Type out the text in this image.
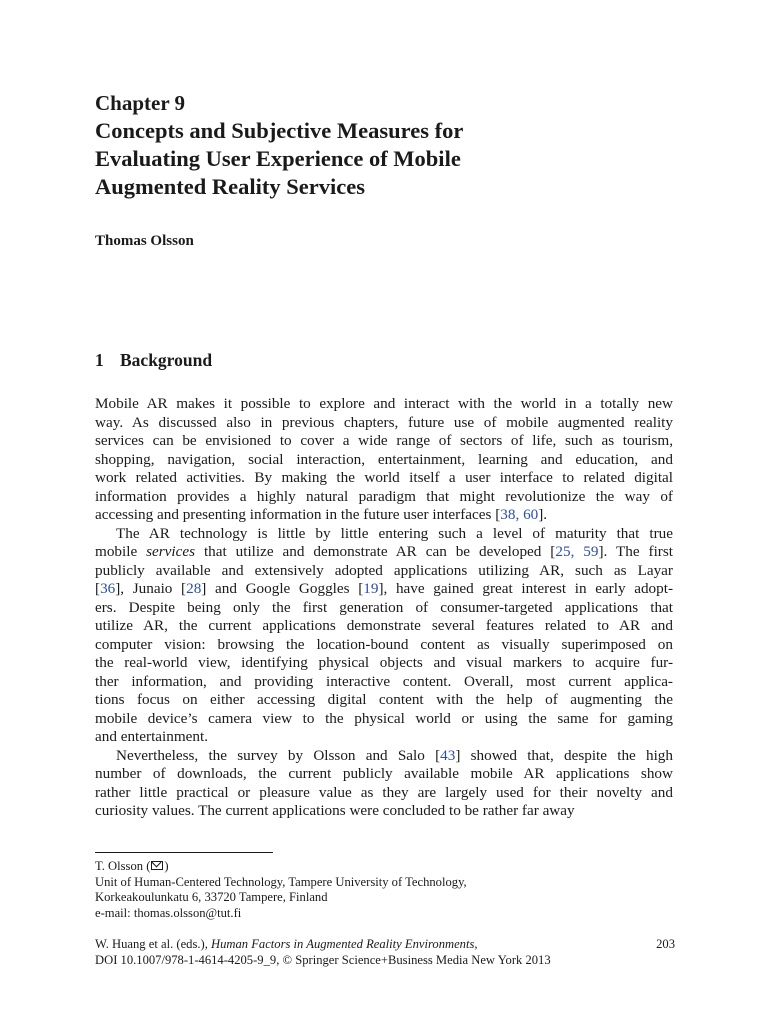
Chapter 9
Concepts and Subjective Measures for
Evaluating User Experience of Mobile
Augmented Reality Services
Thomas Olsson
1 Background
Mobile AR makes it possible to explore and interact with the world in a totally new
way. As discussed also in previous chapters, future use of mobile augmented reality
services can be envisioned to cover a wide range of sectors of life, such as tourism,
shopping, navigation, social interaction, entertainment, learning and education, and
work related activities. By making the world itself a user interface to related digital
information provides a highly natural paradigm that might revolutionize the way of
accessing and presenting information in the future user interfaces [38, 60].
The AR technology is little by little entering such a level of maturity that true
mobile services that utilize and demonstrate AR can be developed [25, 59]. The first
publicly available and extensively adopted applications utilizing AR, such as Layar
[36], Junaio [28] and Google Goggles [19], have gained great interest in early adopt-
ers. Despite being only the first generation of consumer-targeted applications that
utilize AR, the current applications demonstrate several features related to AR and
computer vision: browsing the location-bound content as visually superimposed on
the real-world view, identifying physical objects and visual markers to acquire fur-
ther information, and providing interactive content. Overall, most current applica-
tions focus on either accessing digital content with the help of augmenting the
mobile device’s camera view to the physical world or using the same for gaming
and entertainment.
Nevertheless, the survey by Olsson and Salo [43] showed that, despite the high
number of downloads, the current publicly available mobile AR applications show
rather little practical or pleasure value as they are largely used for their novelty and
curiosity values. The current applications were concluded to be rather far away
T. Olsson ( )
Unit of Human-Centered Technology, Tampere University of Technology,
Korkeakoulunkatu 6, 33720 Tampere, Finland
e-mail: thomas.olsson@tut.fi
W. Huang et al. (eds.), Human Factors in Augmented Reality Environments,
DOI 10.1007/978-1-4614-4205-9_9, © Springer Science+Business Media New York 2013
203
